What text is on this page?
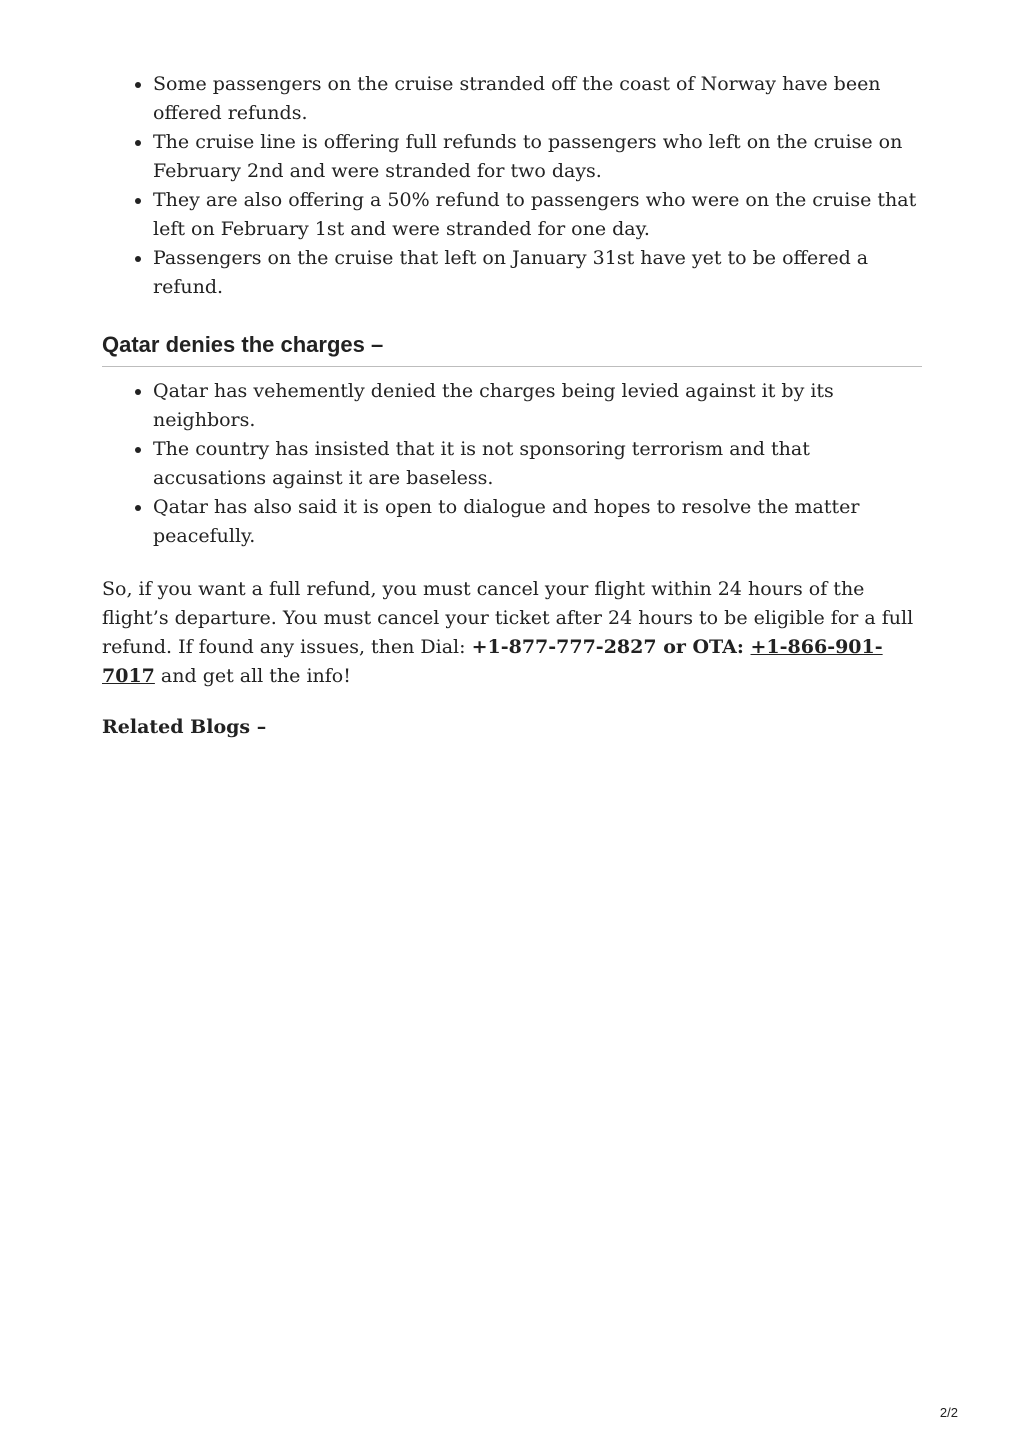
• Some passengers on the cruise stranded off the coast of Norway have been offered refunds.
• The cruise line is offering full refunds to passengers who left on the cruise on February 2nd and were stranded for two days.
• They are also offering a 50% refund to passengers who were on the cruise that left on February 1st and were stranded for one day.
• Passengers on the cruise that left on January 31st have yet to be offered a refund.
Qatar denies the charges –
• Qatar has vehemently denied the charges being levied against it by its neighbors.
• The country has insisted that it is not sponsoring terrorism and that accusations against it are baseless.
• Qatar has also said it is open to dialogue and hopes to resolve the matter peacefully.

So, if you want a full refund, you must cancel your flight within 24 hours of the flight’s departure. You must cancel your ticket after 24 hours to be eligible for a full refund. If found any issues, then Dial: +1-877-777-2827 or OTA: +1-866-901-7017 and get all the info!

Related Blogs –

2/2
